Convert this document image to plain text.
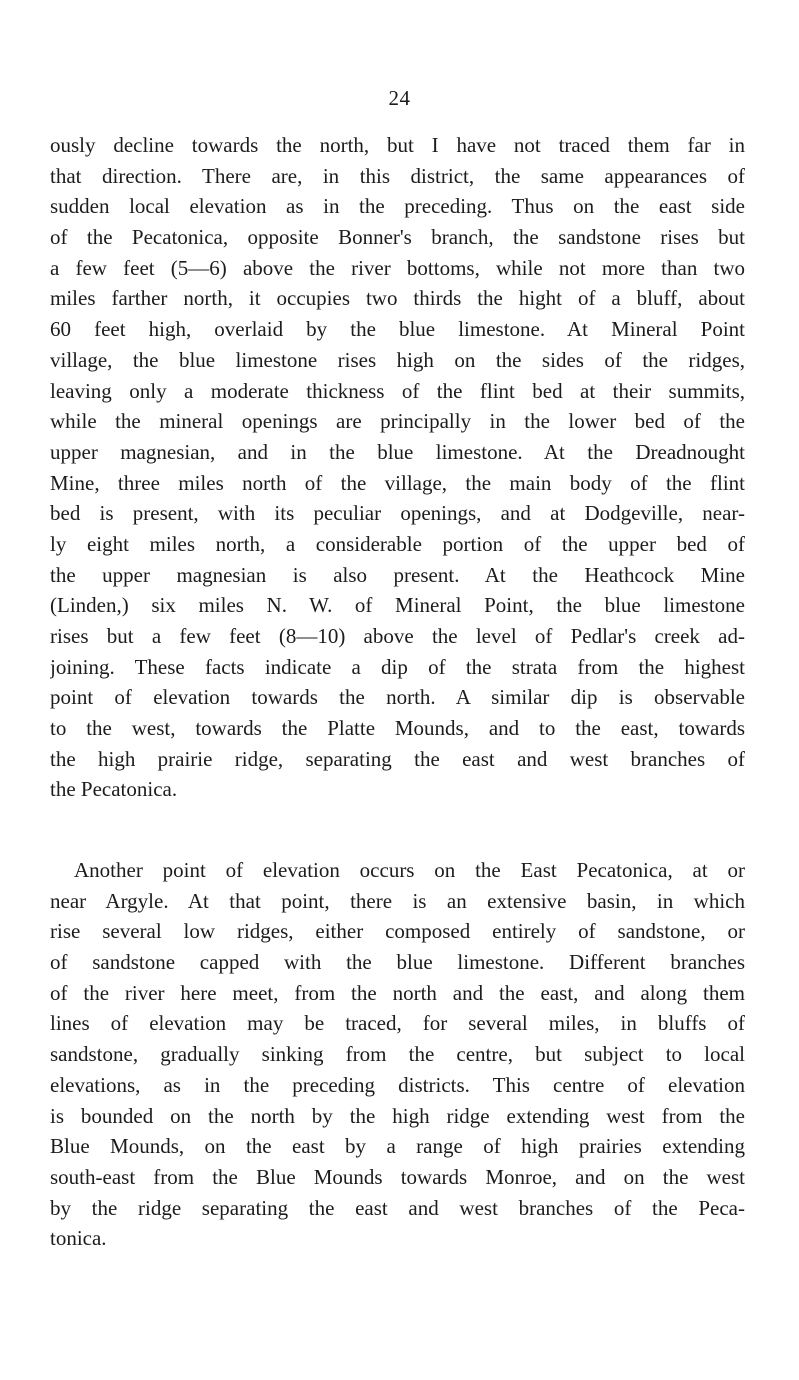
24
ously decline towards the north, but I have not traced them far in
that direction. There are, in this district, the same appearances of
sudden local elevation as in the preceding. Thus on the east side
of the Pecatonica, opposite Bonner's branch, the sandstone rises but
a few feet (5—6) above the river bottoms, while not more than two
miles farther north, it occupies two thirds the hight of a bluff, about
60 feet high, overlaid by the blue limestone. At Mineral Point
village, the blue limestone rises high on the sides of the ridges,
leaving only a moderate thickness of the flint bed at their summits,
while the mineral openings are principally in the lower bed of the
upper magnesian, and in the blue limestone. At the Dreadnought
Mine, three miles north of the village, the main body of the flint
bed is present, with its peculiar openings, and at Dodgeville, near-
ly eight miles north, a considerable portion of the upper bed of
the upper magnesian is also present. At the Heathcock Mine
(Linden,) six miles N. W. of Mineral Point, the blue limestone
rises but a few feet (8—10) above the level of Pedlar's creek ad-
joining. These facts indicate a dip of the strata from the highest
point of elevation towards the north. A similar dip is observable
to the west, towards the Platte Mounds, and to the east, towards
the high prairie ridge, separating the east and west branches of
the Pecatonica.
Another point of elevation occurs on the East Pecatonica, at or
near Argyle. At that point, there is an extensive basin, in which
rise several low ridges, either composed entirely of sandstone, or
of sandstone capped with the blue limestone. Different branches
of the river here meet, from the north and the east, and along them
lines of elevation may be traced, for several miles, in bluffs of
sandstone, gradually sinking from the centre, but subject to local
elevations, as in the preceding districts. This centre of elevation
is bounded on the north by the high ridge extending west from the
Blue Mounds, on the east by a range of high prairies extending
south-east from the Blue Mounds towards Monroe, and on the west
by the ridge separating the east and west branches of the Peca-
tonica.
